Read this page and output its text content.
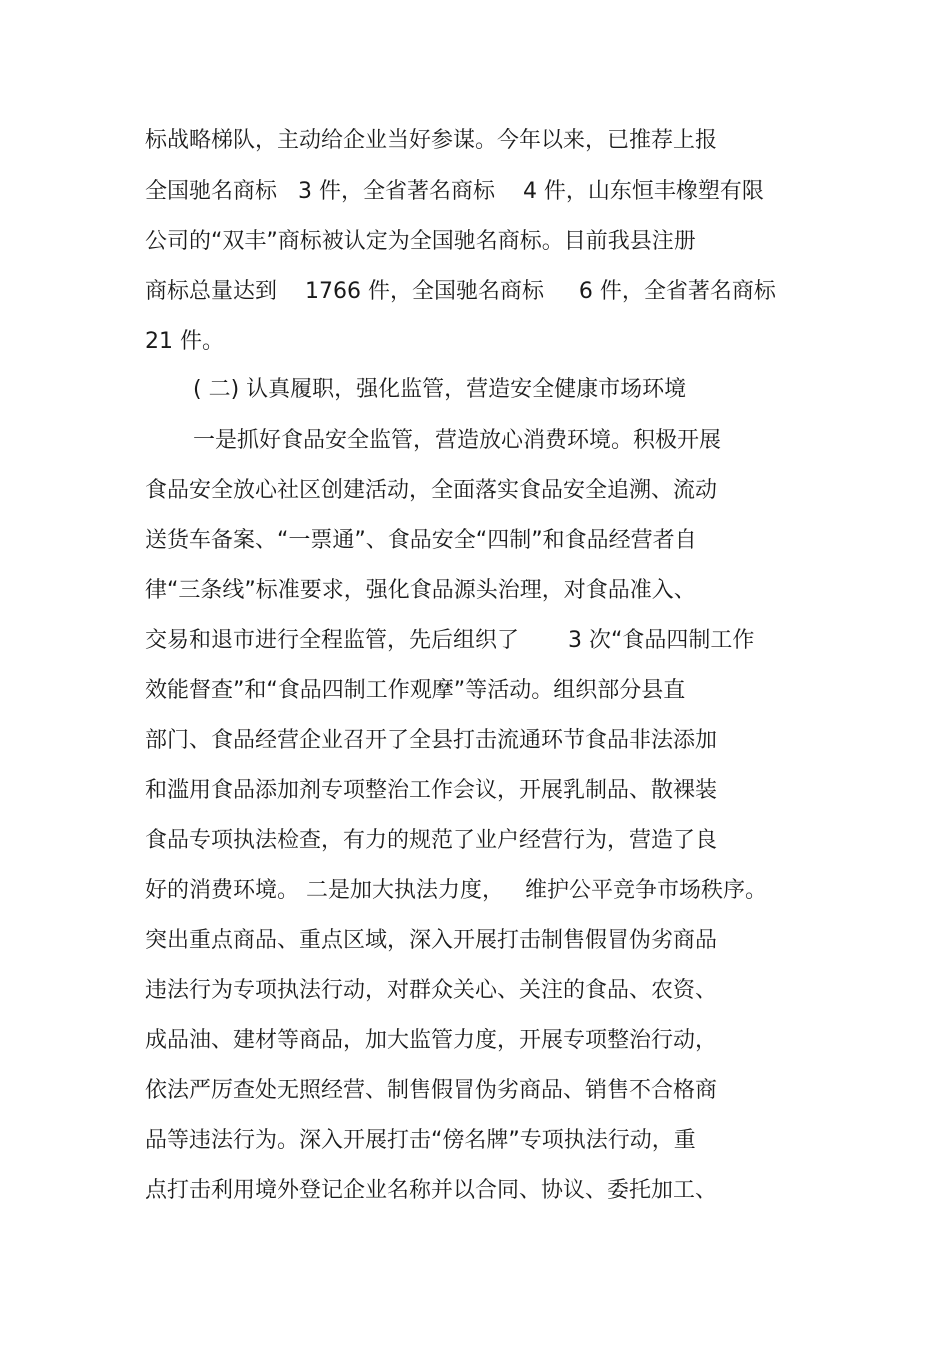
标战略梯队，主动给企业当好参谋。今年以来，已推荐上报
全国驰名商标   3 件，全省著名商标    4 件，山东恒丰橡塑有限
公司的“双丰”商标被认定为全国驰名商标。目前我县注册
商标总量达到    1766 件，全国驰名商标     6 件，全省著名商标
21 件。
( 二) 认真履职，强化监管，营造安全健康市场环境
一是抓好食品安全监管，营造放心消费环境。积极开展
食品安全放心社区创建活动，全面落实食品安全追溯、流动
送货车备案、“一票通”、食品安全“四制”和食品经营者自
律“三条线”标准要求，强化食品源头治理，对食品准入、
交易和退市进行全程监管，先后组织了       3 次“食品四制工作
效能督查”和“食品四制工作观摩”等活动。组织部分县直
部门、食品经营企业召开了全县打击流通环节食品非法添加
和滥用食品添加剂专项整治工作会议，开展乳制品、散裸装
食品专项执法检查，有力的规范了业户经营行为，营造了良
好的消费环境。 二是加大执法力度，   维护公平竞争市场秩序。
突出重点商品、重点区域，深入开展打击制售假冒伪劣商品
违法行为专项执法行动，对群众关心、关注的食品、农资、
成品油、建材等商品，加大监管力度，开展专项整治行动，
依法严厉查处无照经营、制售假冒伪劣商品、销售不合格商
品等违法行为。深入开展打击“傍名牌”专项执法行动，重
点打击利用境外登记企业名称并以合同、协议、委托加工、
